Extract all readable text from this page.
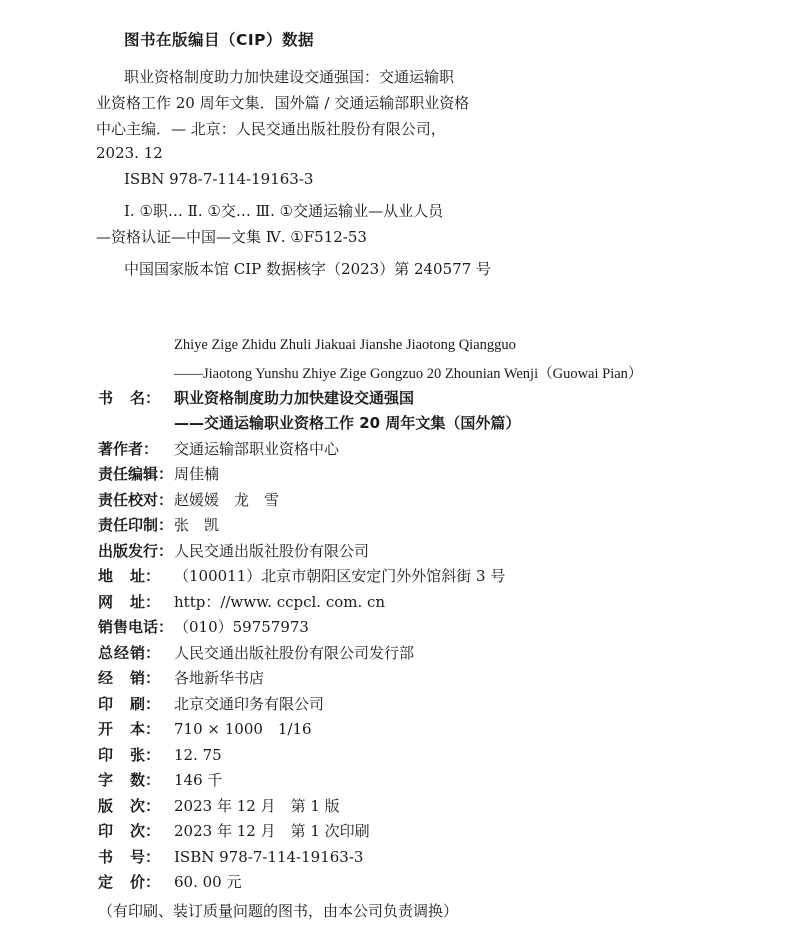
图书在版编目（CIP）数据
职业资格制度助力加快建设交通强国：交通运输职
业资格工作 20 周年文集．国外篇 / 交通运输部职业资格
中心主编．— 北京：人民交通出版社股份有限公司，
2023. 12
ISBN 978-7-114-19163-3
Ⅰ. ①职… Ⅱ. ①交… Ⅲ. ①交通运输业—从业人员
—资格认证—中国—文集 Ⅳ. ①F512-53
中国国家版本馆 CIP 数据核字（2023）第 240577 号
Zhiye Zige Zhidu Zhuli Jiakuai Jianshe Jiaotong Qiangguo
——Jiaotong Yunshu Zhiye Zige Gongzuo 20 Zhounian Wenji（Guowai Pian）
书 名： 职业资格制度助力加快建设交通强国
——交通运输职业资格工作 20 周年文集（国外篇）
著作者： 交通运输部职业资格中心
责任编辑：周佳楠
责任校对：赵媛媛　龙　雪
责任印制：张　凯
出版发行：人民交通出版社股份有限公司
地 址： （100011）北京市朝阳区安定门外外馆斜街 3 号
网 址： http：//www. ccpcl. com. cn
销售电话：（010）59757973
总 经 销： 人民交通出版社股份有限公司发行部
经 销： 各地新华书店
印 刷： 北京交通印务有限公司
开 本： 710 × 1000　1/16
印 张： 12. 75
字 数： 146 千
版 次： 2023 年 12 月　第 1 版
印 次： 2023 年 12 月　第 1 次印刷
书 号： ISBN 978-7-114-19163-3
定 价： 60. 00 元
（有印刷、装订质量问题的图书，由本公司负责调换）
